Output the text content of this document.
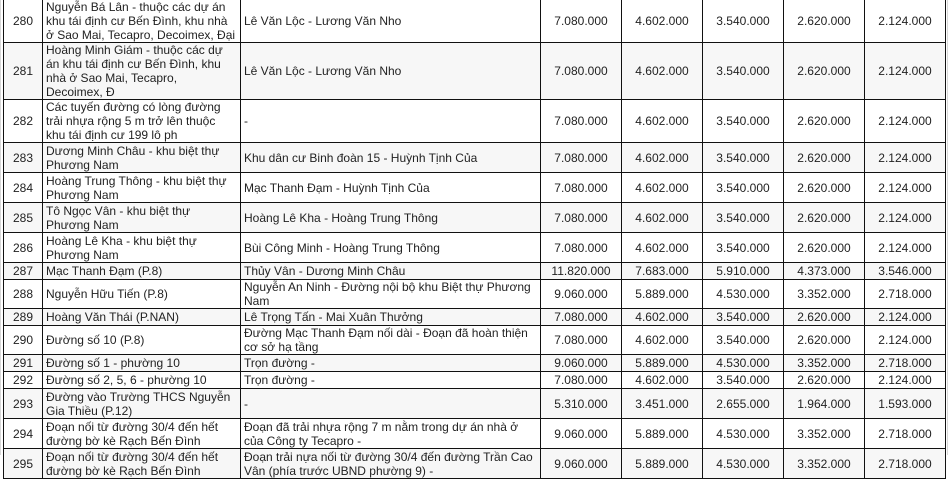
280	Nguyễn Bá Lân - thuộc các dự án khu tái định cư Bến Đình, khu nhà ở Sao Mai, Tecapro, Decoimex, Đại	Lê Văn Lộc - Lương Văn Nho	7.080.000	4.602.000	3.540.000	2.620.000	2.124.000
281	Hoàng Minh Giám - thuộc các dự án khu tái định cư Bến Đình, khu nhà ở Sao Mai, Tecapro, Decoimex, Đ	Lê Văn Lộc - Lương Văn Nho	7.080.000	4.602.000	3.540.000	2.620.000	2.124.000
282	Các tuyến đường có lòng đường trải nhựa rộng 5 m trở lên thuộc khu tái định cư 199 lô ph	-	7.080.000	4.602.000	3.540.000	2.620.000	2.124.000
283	Dương Minh Châu - khu biệt thự Phương Nam	Khu dân cư Binh đoàn 15 - Huỳnh Tịnh Của	7.080.000	4.602.000	3.540.000	2.620.000	2.124.000
284	Hoàng Trung Thông - khu biệt thự Phương Nam	Mạc Thanh Đạm - Huỳnh Tịnh Của	7.080.000	4.602.000	3.540.000	2.620.000	2.124.000
285	Tô Ngọc Vân - khu biệt thự Phương Nam	Hoàng Lê Kha - Hoàng Trung Thông	7.080.000	4.602.000	3.540.000	2.620.000	2.124.000
286	Hoàng Lê Kha - khu biệt thự Phương Nam	Bùi Công Minh - Hoàng Trung Thông	7.080.000	4.602.000	3.540.000	2.620.000	2.124.000
287	Mạc Thanh Đạm (P.8)	Thủy Vân - Dương Minh Châu	11.820.000	7.683.000	5.910.000	4.373.000	3.546.000
288	Nguyễn Hữu Tiến (P.8)	Nguyễn An Ninh - Đường nội bộ khu Biệt thự Phương Nam	9.060.000	5.889.000	4.530.000	3.352.000	2.718.000
289	Hoàng Văn Thái (P.NAN)	Lê Trọng Tấn - Mai Xuân Thưởng	7.080.000	4.602.000	3.540.000	2.620.000	2.124.000
290	Đường số 10 (P.8)	Đường Mạc Thanh Đạm nối dài - Đoạn đã hoàn thiện cơ sở hạ tầng	7.080.000	4.602.000	3.540.000	2.620.000	2.124.000
291	Đường số 1 - phường 10	Trọn đường -	9.060.000	5.889.000	4.530.000	3.352.000	2.718.000
292	Đường số 2, 5, 6 - phường 10	Trọn đường -	7.080.000	4.602.000	3.540.000	2.620.000	2.124.000
293	Đường vào Trường THCS Nguyễn Gia Thiều (P.12)	-	5.310.000	3.451.000	2.655.000	1.964.000	1.593.000
294	Đoạn nối từ đường 30/4 đến hết đường bờ kè Rạch Bến Đình	Đoạn đã trải nhựa rộng 7 m nằm trong dự án nhà ở của Công ty Tecapro -	9.060.000	5.889.000	4.530.000	3.352.000	2.718.000
295	Đoạn nối từ đường 30/4 đến hết đường bờ kè Rạch Bến Đình	Đoạn trải nựa nối từ đường 30/4 đến đường Trần Cao Vân (phía trước UBND phường 9) -	9.060.000	5.889.000	4.530.000	3.352.000	2.718.000
